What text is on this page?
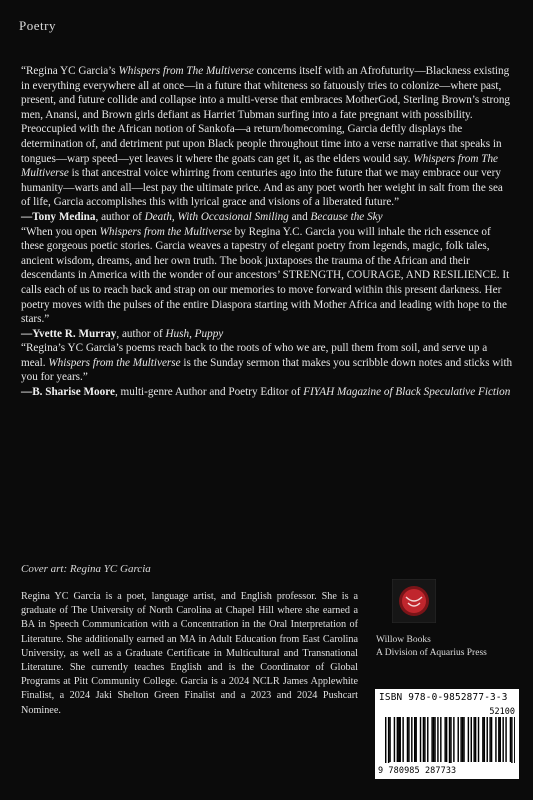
Poetry

“Regina YC Garcia’s Whispers from The Multiverse concerns itself with an Afrofuturity—Blackness existing in everything everywhere all at once—in a future that whiteness so fatuously tries to colonize—where past, present, and future collide and collapse into a multi-verse that embraces MotherGod, Sterling Brown’s strong men, Anansi, and Brown girls defiant as Harriet Tubman surfing into a fate pregnant with possibility. Preoccupied with the African notion of Sankofa—a return/homecoming, Garcia deftly displays the determination of, and detriment put upon Black people throughout time into a verse narrative that speaks in tongues—warp speed—yet leaves it where the goats can get it, as the elders would say. Whispers from The Multiverse is that ancestral voice whirring from centuries ago into the future that we may embrace our very humanity—warts and all—lest pay the ultimate price. And as any poet worth her weight in salt from the sea of life, Garcia accomplishes this with lyrical grace and visions of a liberated future.”

—Tony Medina, author of Death, With Occasional Smiling and Because the Sky

“When you open Whispers from the Multiverse by Regina Y.C. Garcia you will inhale the rich essence of these gorgeous poetic stories. Garcia weaves a tapestry of elegant poetry from legends, magic, folk tales, ancient wisdom, dreams, and her own truth. The book juxtaposes the trauma of the African and their descendants in America with the wonder of our ancestors’ STRENGTH, COURAGE, AND RESILIENCE. It calls each of us to reach back and strap on our memories to move forward within this present darkness. Her poetry moves with the pulses of the entire Diaspora starting with Mother Africa and leading with hope to the stars.”

—Yvette R. Murray, author of Hush, Puppy

“Regina’s YC Garcia’s poems reach back to the roots of who we are, pull them from soil, and serve up a meal. Whispers from the Multiverse is the Sunday sermon that makes you scribble down notes and sticks with you for years.”

—B. Sharise Moore, multi-genre Author and Poetry Editor of FIYAH Magazine of Black Speculative Fiction

Cover art: Regina YC Garcia
Regina YC Garcia is a poet, language artist, and English professor. She is a graduate of The University of North Carolina at Chapel Hill where she earned a BA in Speech Communication with a Concentration in the Oral Interpretation of Literature. She additionally earned an MA in Adult Education from East Carolina University, as well as a Graduate Certificate in Multicultural and Transnational Literature. She currently teaches English and is the Coordinator of Global Programs at Pitt Community College. Garcia is a 2024 NCLR James Applewhite Finalist, a 2024 Jaki Shelton Green Finalist and a 2023 and 2024 Pushcart Nominee.
Willow Books
A Division of Aquarius Press
ISBN 978-0-9852877-3-3
52100
9 780985 287733
